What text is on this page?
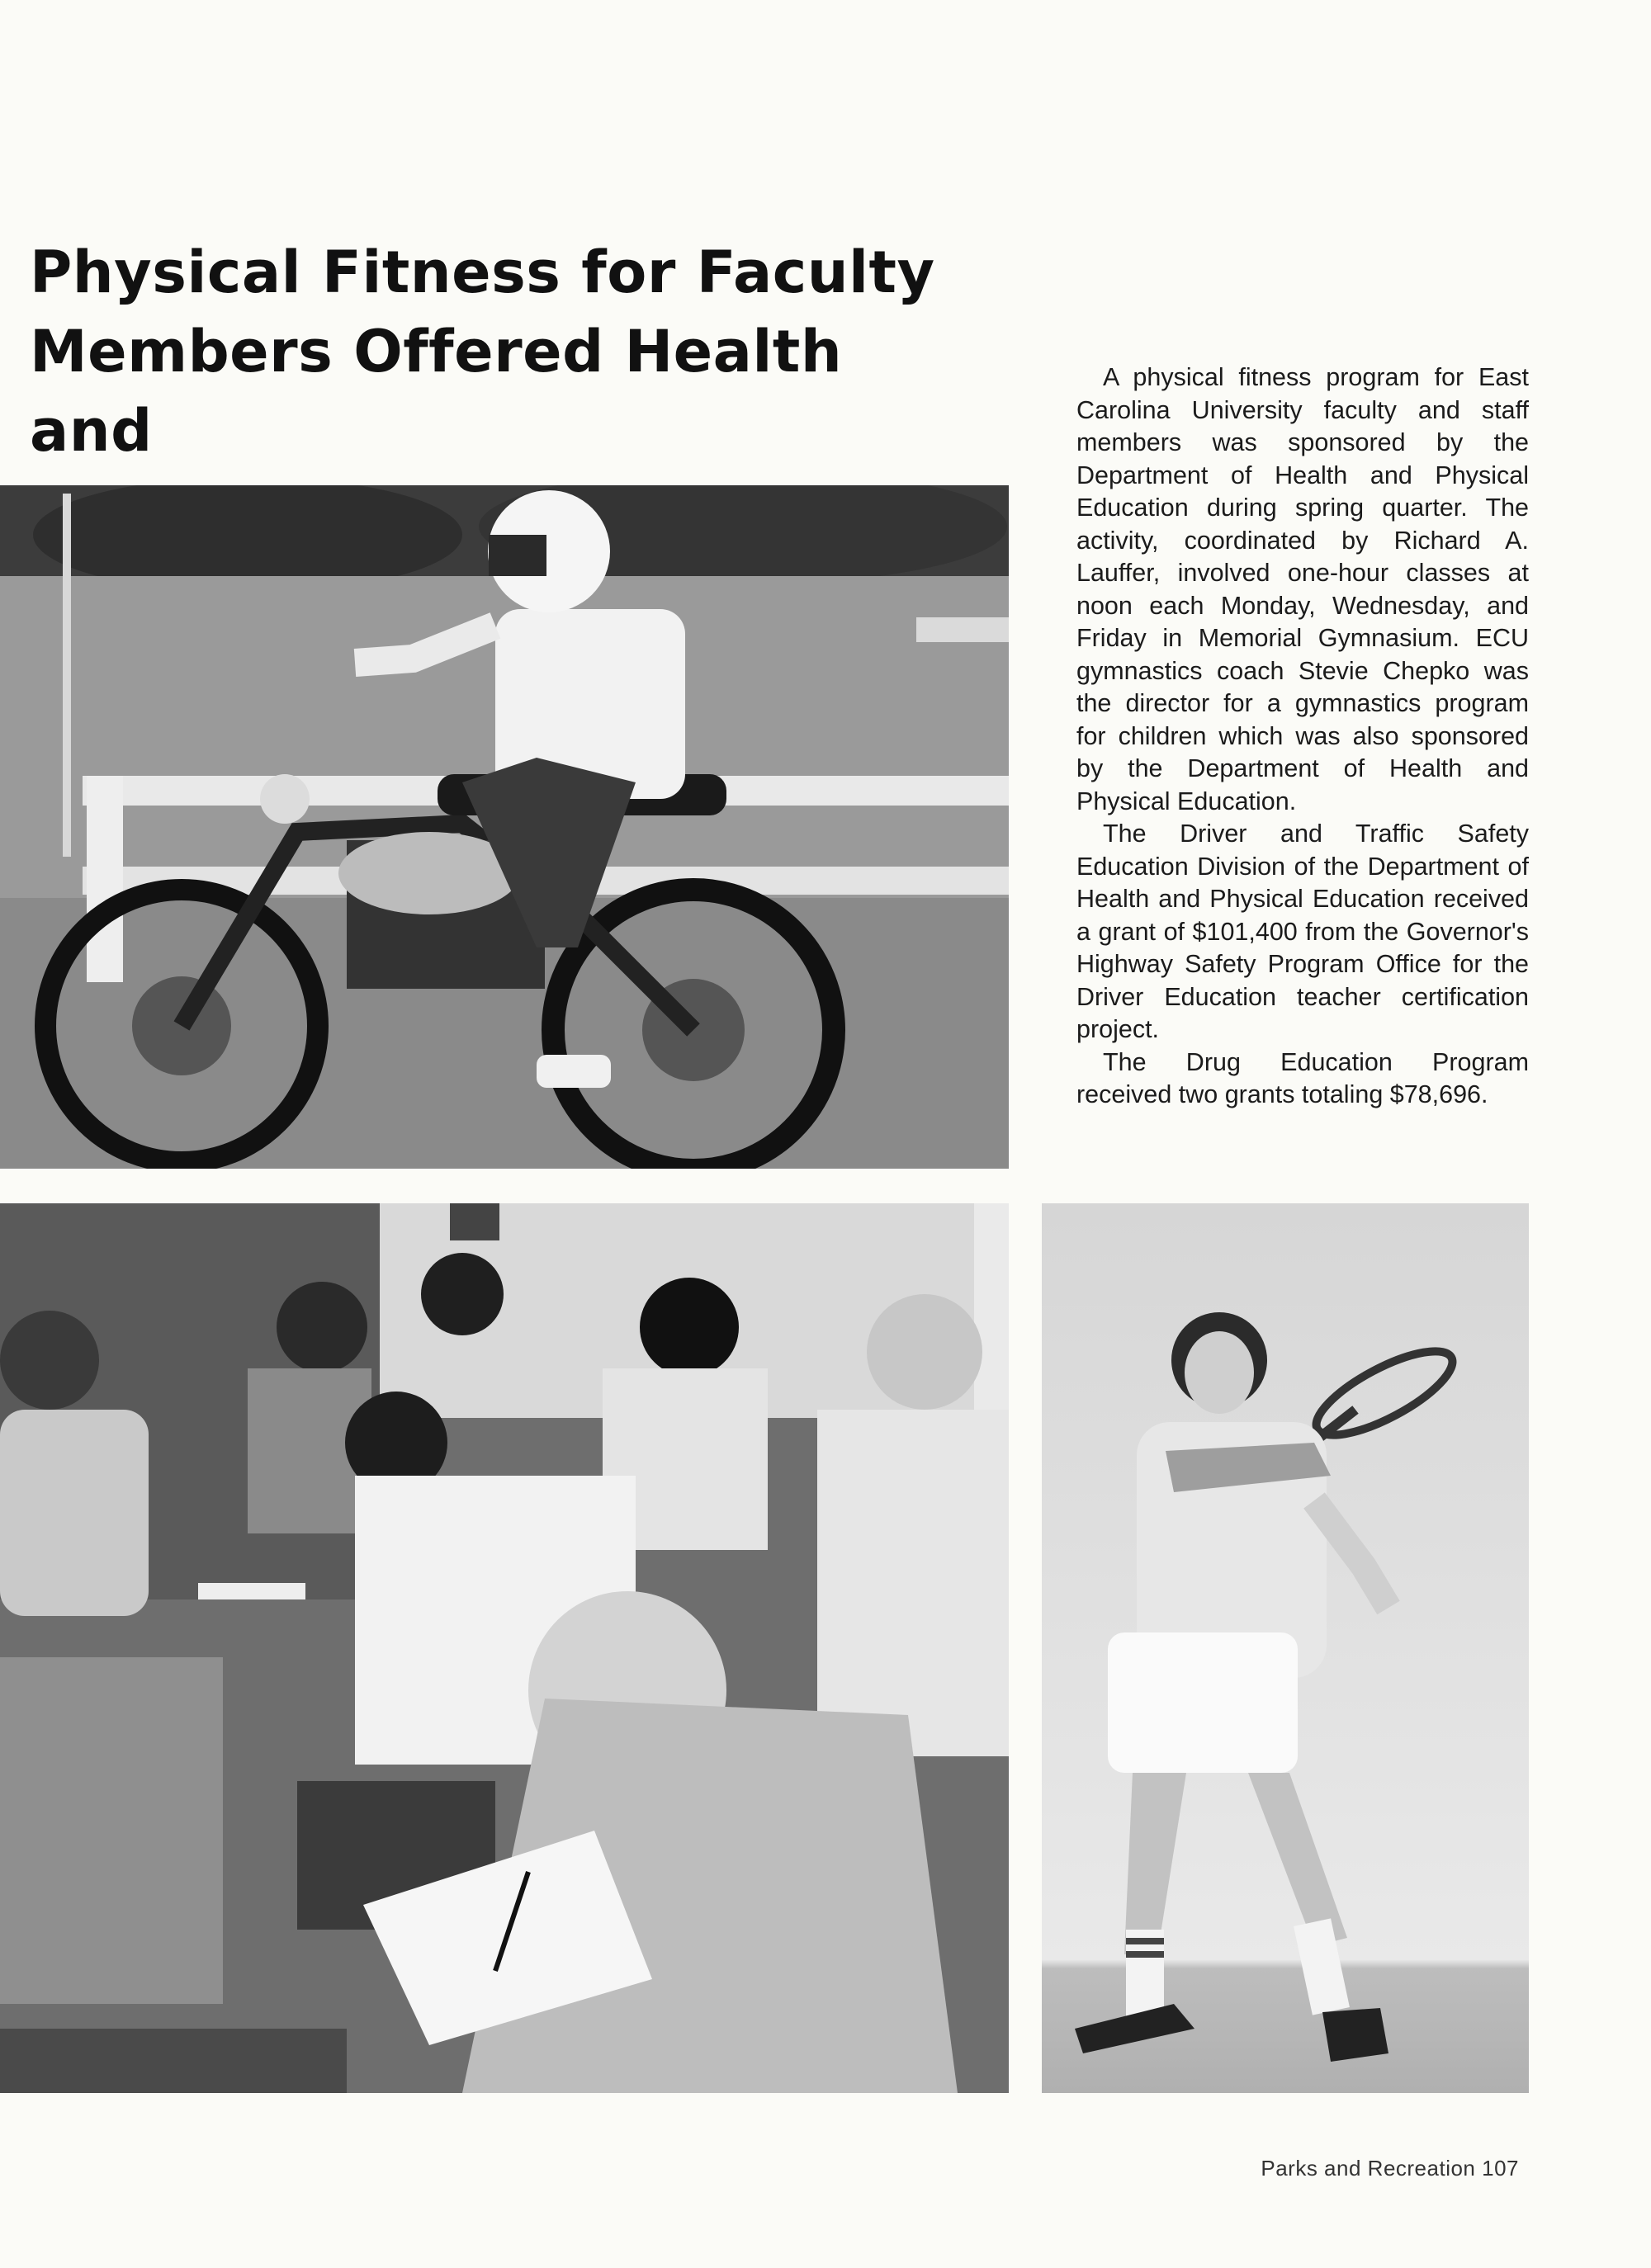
Physical Fitness for Faculty
Members Offered Health and

A physical fitness program for East Carolina University faculty and staff members was sponsored by the Department of Health and Physical Education during spring quarter. The activity, coordinated by Richard A. Lauffer, involved one-hour classes at noon each Monday, Wednesday, and Friday in Memorial Gymnasium. ECU gymnastics coach Stevie Chepko was the director for a gymnastics program for children which was also sponsored by the Department of Health and Physical Education.

The Driver and Traffic Safety Education Division of the Department of Health and Physical Education received a grant of $101,400 from the Governor's Highway Safety Program Office for the Driver Education teacher certification project.

The Drug Education Program received two grants totaling $78,696.

Parks and Recreation 107
